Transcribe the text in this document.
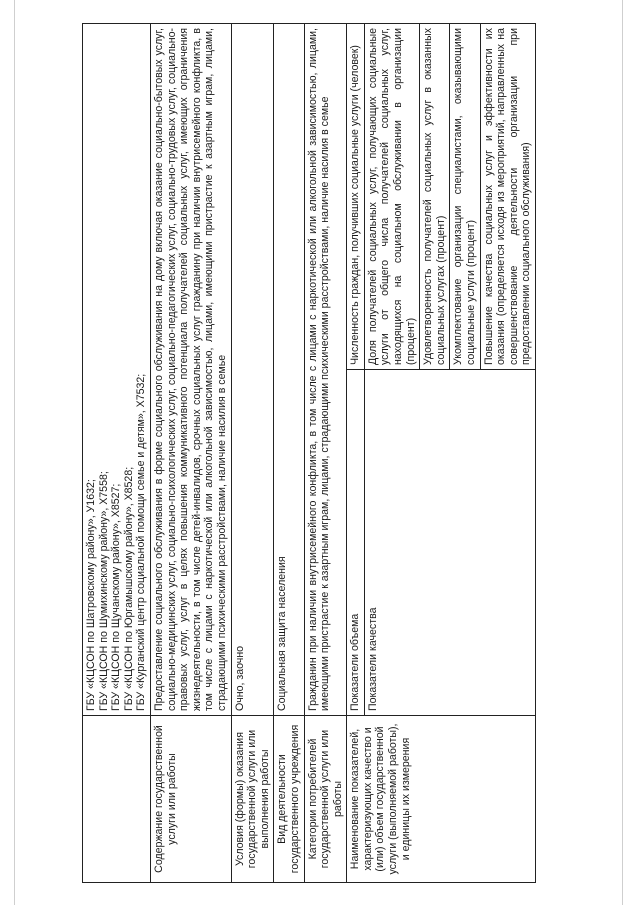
	ГБУ «КЦСОН по Шатровскому району», У1632; ГБУ «КЦСОН по Шумихинскому району», Х7558; ГБУ «КЦСОН по Щучанскому району», Х8527; ГБУ «КЦСОН по Юргамышскому району», Х8528; ГБУ «Курганский центр социальной помощи семье и детям», Х7532;	

Содержание государственной услуги или работы	Предоставление социального обслуживания в форме социального обслуживания на дому включая оказание социально-бытовых услуг, социально-медицинских услуг, социально-психологических услуг, социально-педагогических услуг, социально-трудовых услуг, социально-правовых услуг, услуг в целях повышения коммуникативного потенциала получателей социальных услуг, имеющих ограничения жизнедеятельности, в том числе детей-инвалидов, срочных социальных услуг гражданину при наличии внутрисемейного конфликта, в том числе с лицами с наркотической или алкогольной зависимостью, лицами, имеющими пристрастие к азартным играм, лицами, страдающими психическими расстройствами, наличие насилия в семье	
Условия (формы) оказания государственной услуги или выполнения работы	Очно, заочно	
Вид деятельности государственного учреждения	Социальная защита населения	
Категории потребителей государственной услуги или работы	Гражданин при наличии внутрисемейного конфликта, в том числе с лицами с наркотической или алкогольной зависимостью, лицами, имеющими пристрастие к азартным играм, лицами, страдающими психическими расстройствами, наличие насилия в семье	
Наименование показателей, характеризующих качество и (или) объем государственной услуги (выполняемой работы), и единицы их измерения	Показатели объема	Численность граждан, получивших социальные услуги (человек)
	Показатели качества	Доля получателей социальных услуг, получающих социальные услуги от общего числа получателей социальных услуг, находящихся на социальном обслуживании в организации (процент)
		Удовлетворенность получателей социальных услуг в оказанных социальных услугах (процент)
		Укомплектование организации специалистами, оказывающими социальные услуги (процент)
		Повышение качества социальных услуг и эффективности их оказания (определяется исходя из мероприятий, направленных на совершенствование деятельности организации при предоставлении социального обслуживания)
